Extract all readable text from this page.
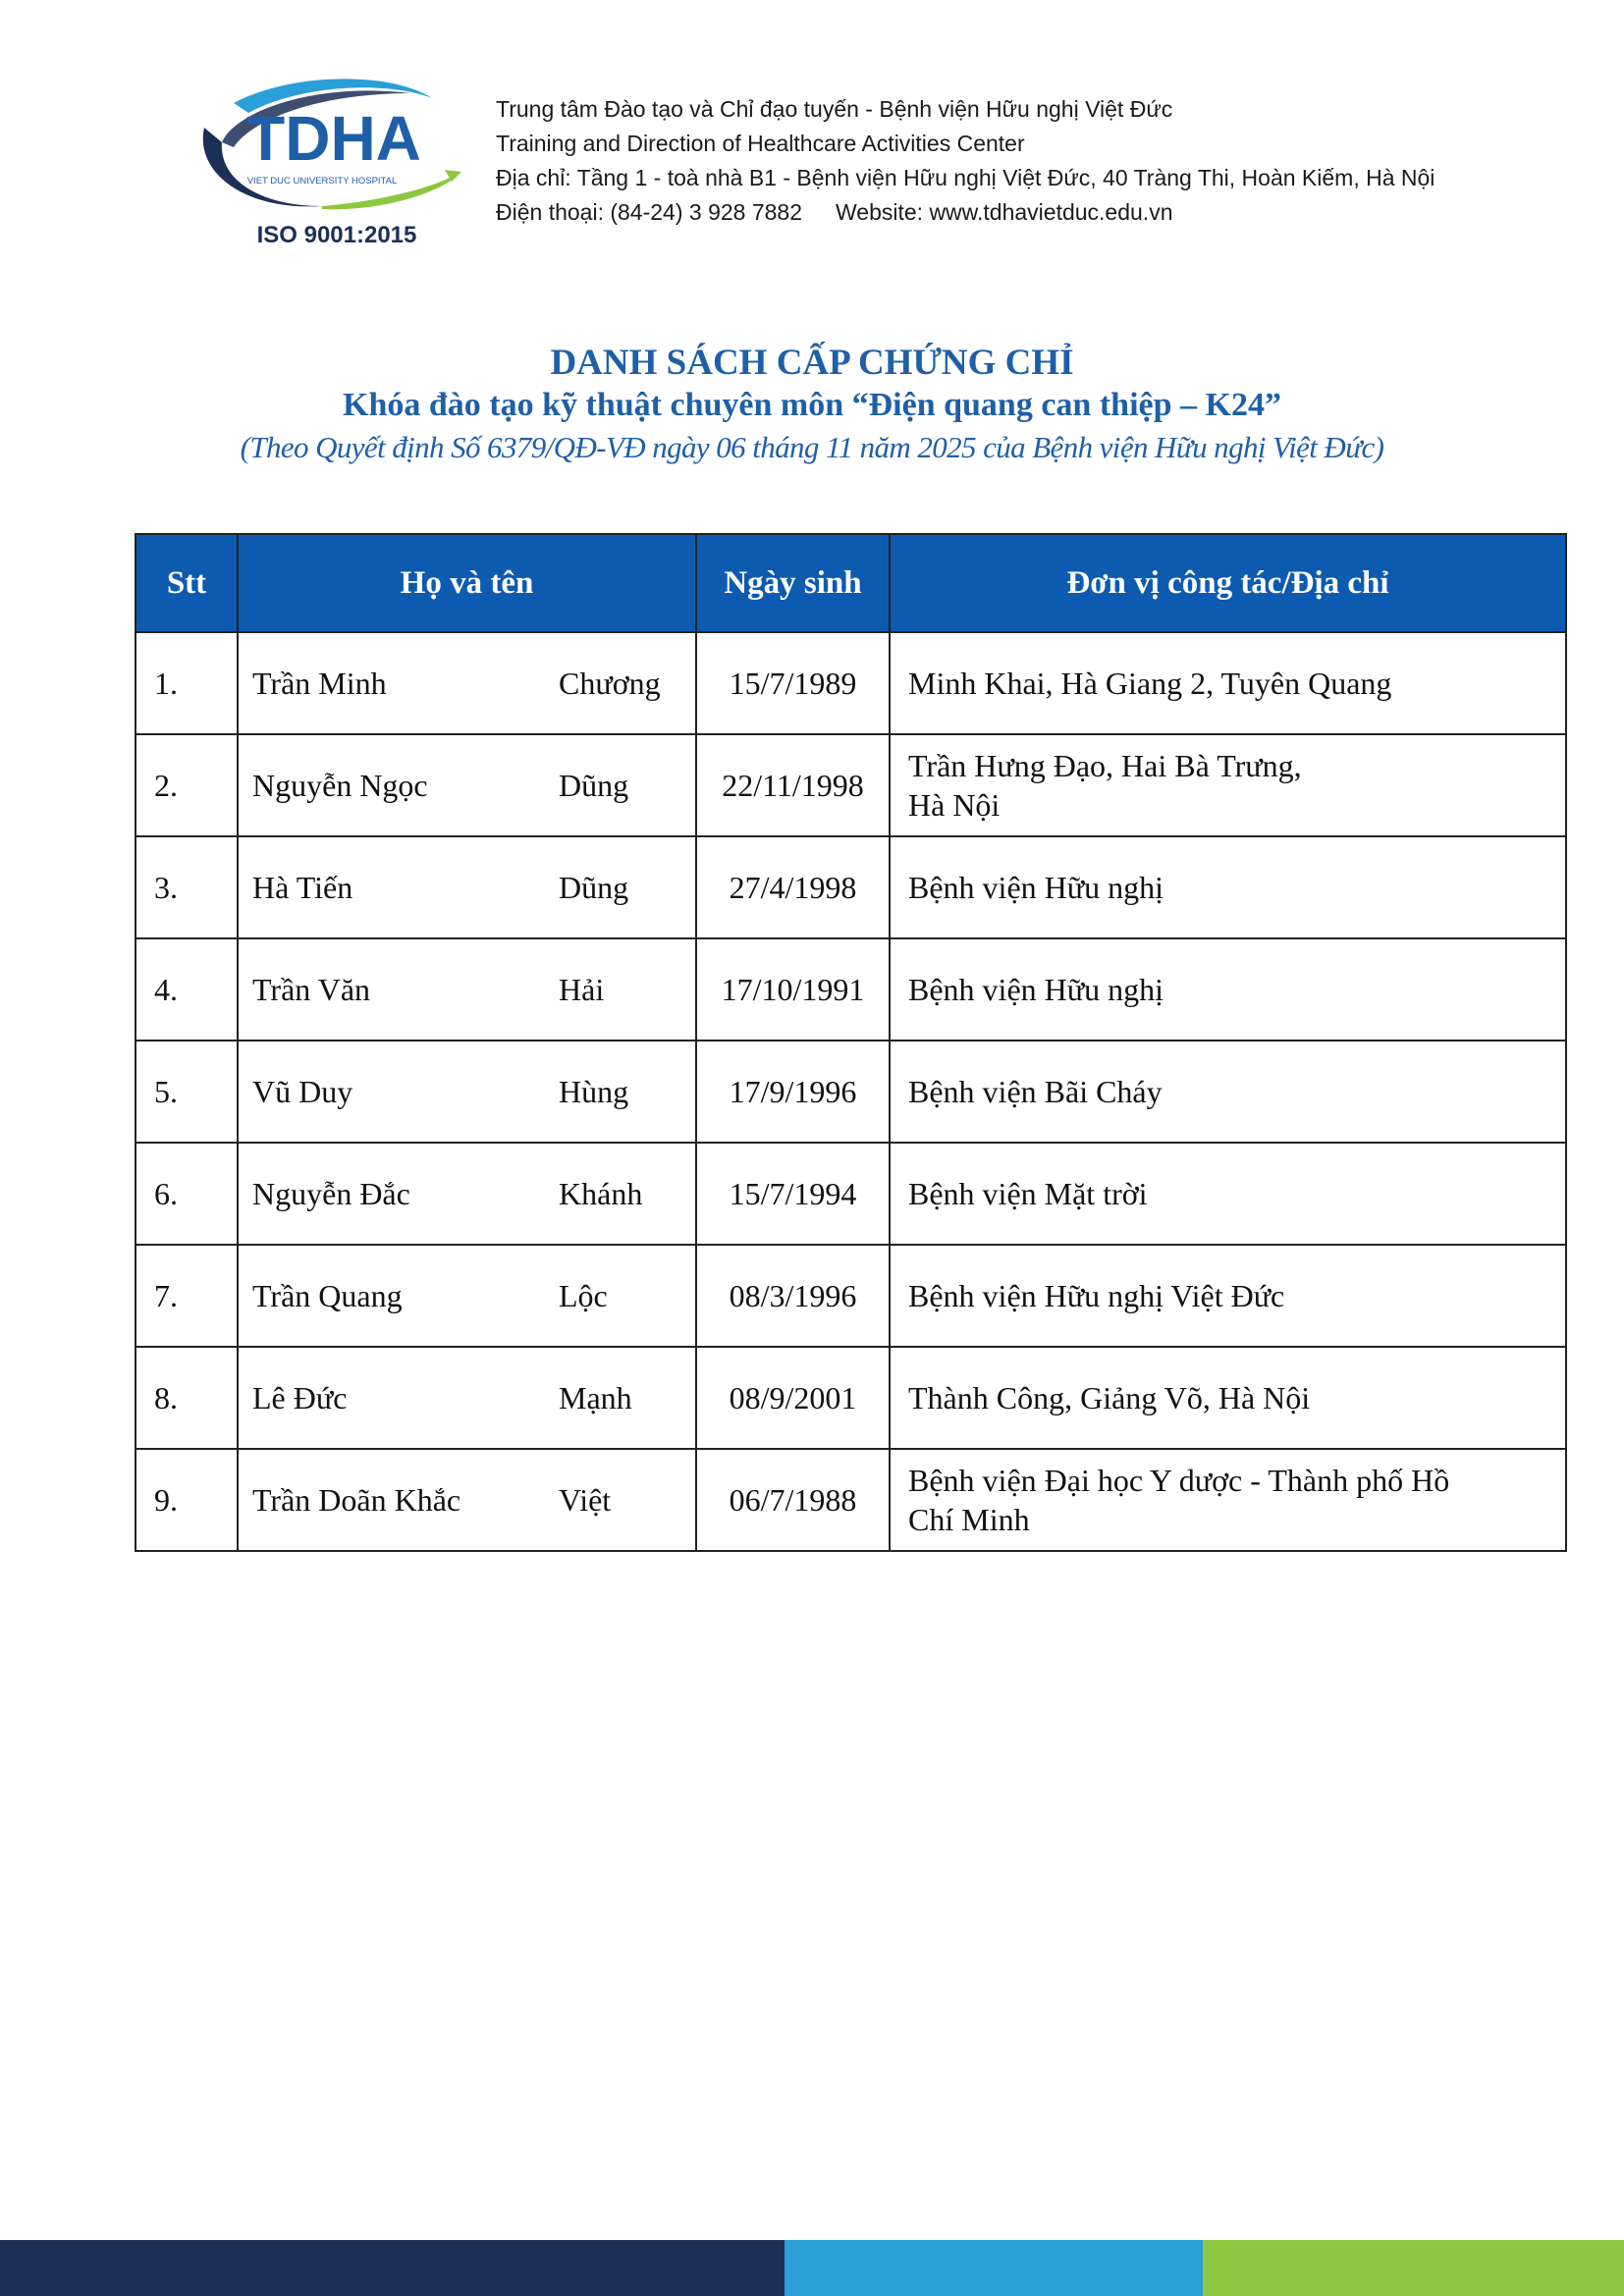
TDHA
VIET DUC UNIVERSITY HOSPITAL
ISO 9001:2015
Trung tâm Đào tạo và Chỉ đạo tuyến - Bệnh viện Hữu nghị Việt Đức
Training and Direction of Healthcare Activities Center
Địa chỉ: Tầng 1 - toà nhà B1 - Bệnh viện Hữu nghị Việt Đức, 40 Tràng Thi, Hoàn Kiếm, Hà Nội
Điện thoại: (84-24) 3 928 7882 Website: www.tdhavietduc.edu.vn
DANH SÁCH CẤP CHỨNG CHỈ
Khóa đào tạo kỹ thuật chuyên môn “Điện quang can thiệp – K24”
(Theo Quyết định Số 6379/QĐ-VĐ ngày 06 tháng 11 năm 2025 của Bệnh viện Hữu nghị Việt Đức)
Stt	Họ và tên	Ngày sinh	Đơn vị công tác/Địa chỉ
1.	Trần Minh Chương	15/7/1989	Minh Khai, Hà Giang 2, Tuyên Quang
2.	Nguyễn Ngọc Dũng	22/11/1998	Trần Hưng Đạo, Hai Bà Trưng,
Hà Nội
3.	Hà Tiến Dũng	27/4/1998	Bệnh viện Hữu nghị
4.	Trần Văn Hải	17/10/1991	Bệnh viện Hữu nghị
5.	Vũ Duy Hùng	17/9/1996	Bệnh viện Bãi Cháy
6.	Nguyễn Đắc Khánh	15/7/1994	Bệnh viện Mặt trời
7.	Trần Quang Lộc	08/3/1996	Bệnh viện Hữu nghị Việt Đức
8.	Lê Đức Mạnh	08/9/2001	Thành Công, Giảng Võ, Hà Nội
9.	Trần Doãn Khắc Việt	06/7/1988	Bệnh viện Đại học Y dược - Thành phố Hồ
Chí Minh
